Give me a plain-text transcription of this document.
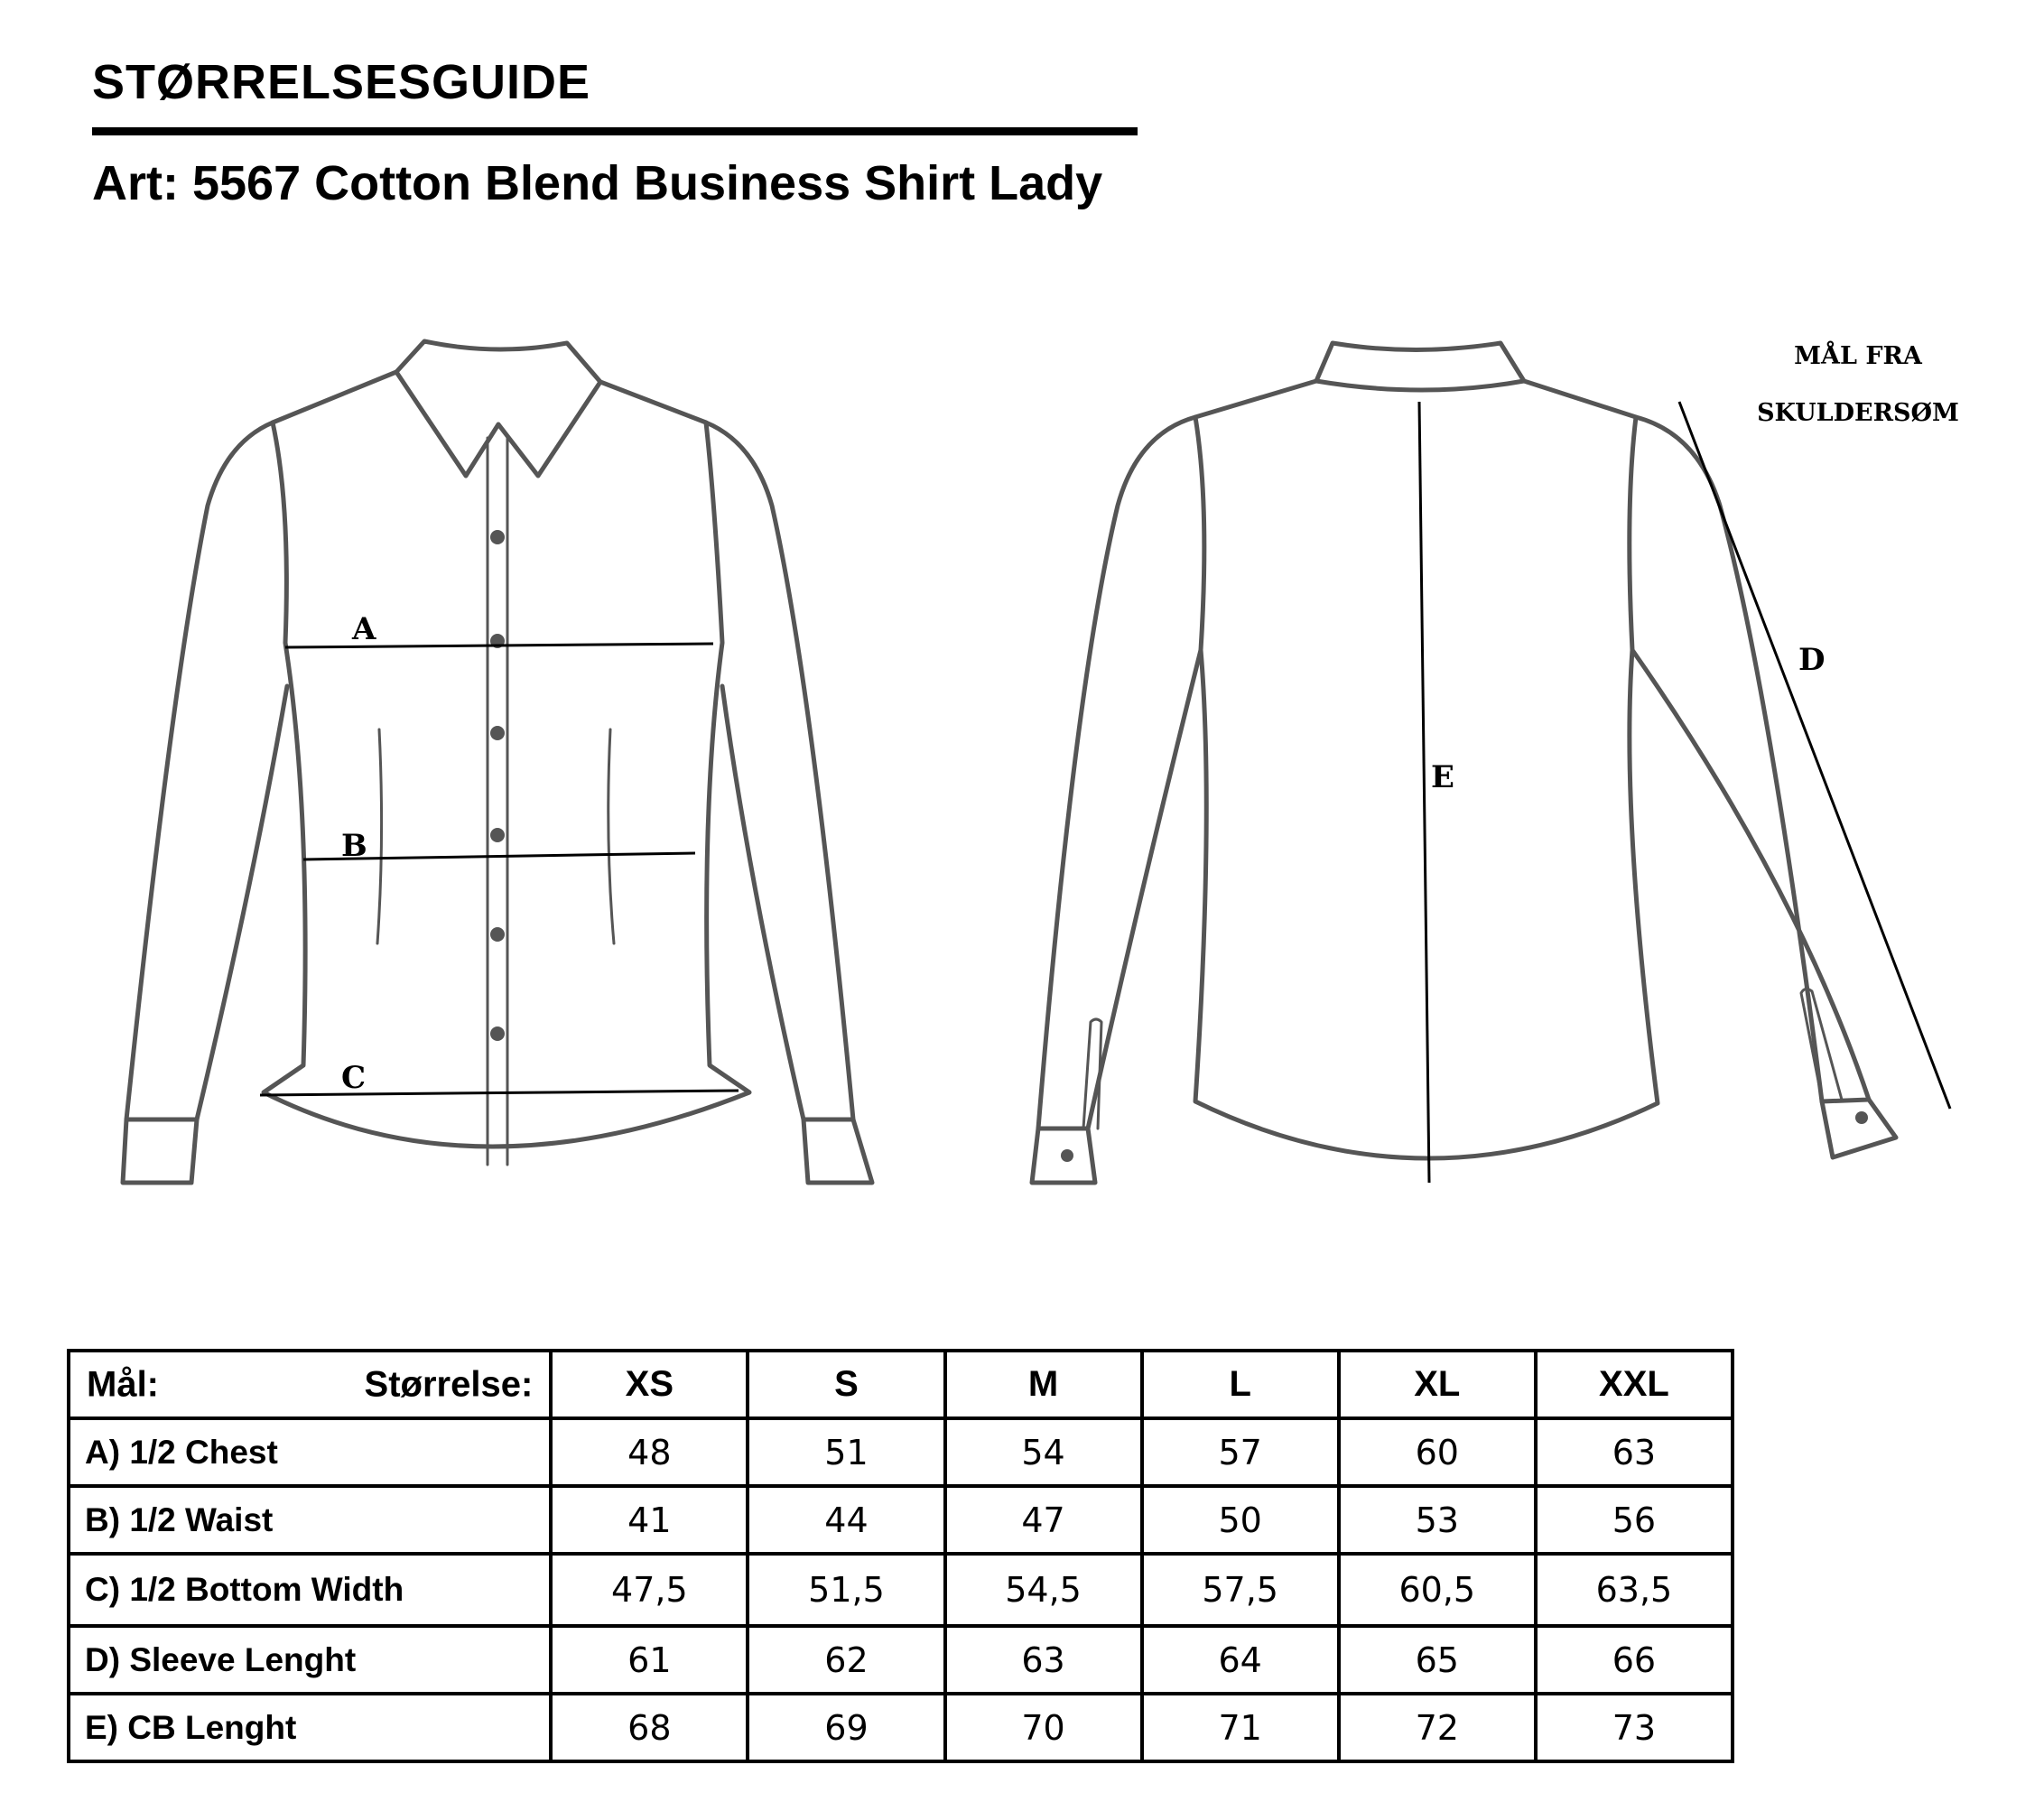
STØRRELSESGUIDE
Art: 5567 Cotton Blend Business Shirt Lady
A
B
C
E
D
MÅL FRA
SKULDERSØM
Mål: Størrelse:	XS	S	M	L	XL	XXL
A) 1/2 Chest	48	51	54	57	60	63
B) 1/2 Waist	41	44	47	50	53	56
C) 1/2 Bottom Width	47,5	51,5	54,5	57,5	60,5	63,5
D) Sleeve Lenght	61	62	63	64	65	66
E) CB Lenght	68	69	70	71	72	73
